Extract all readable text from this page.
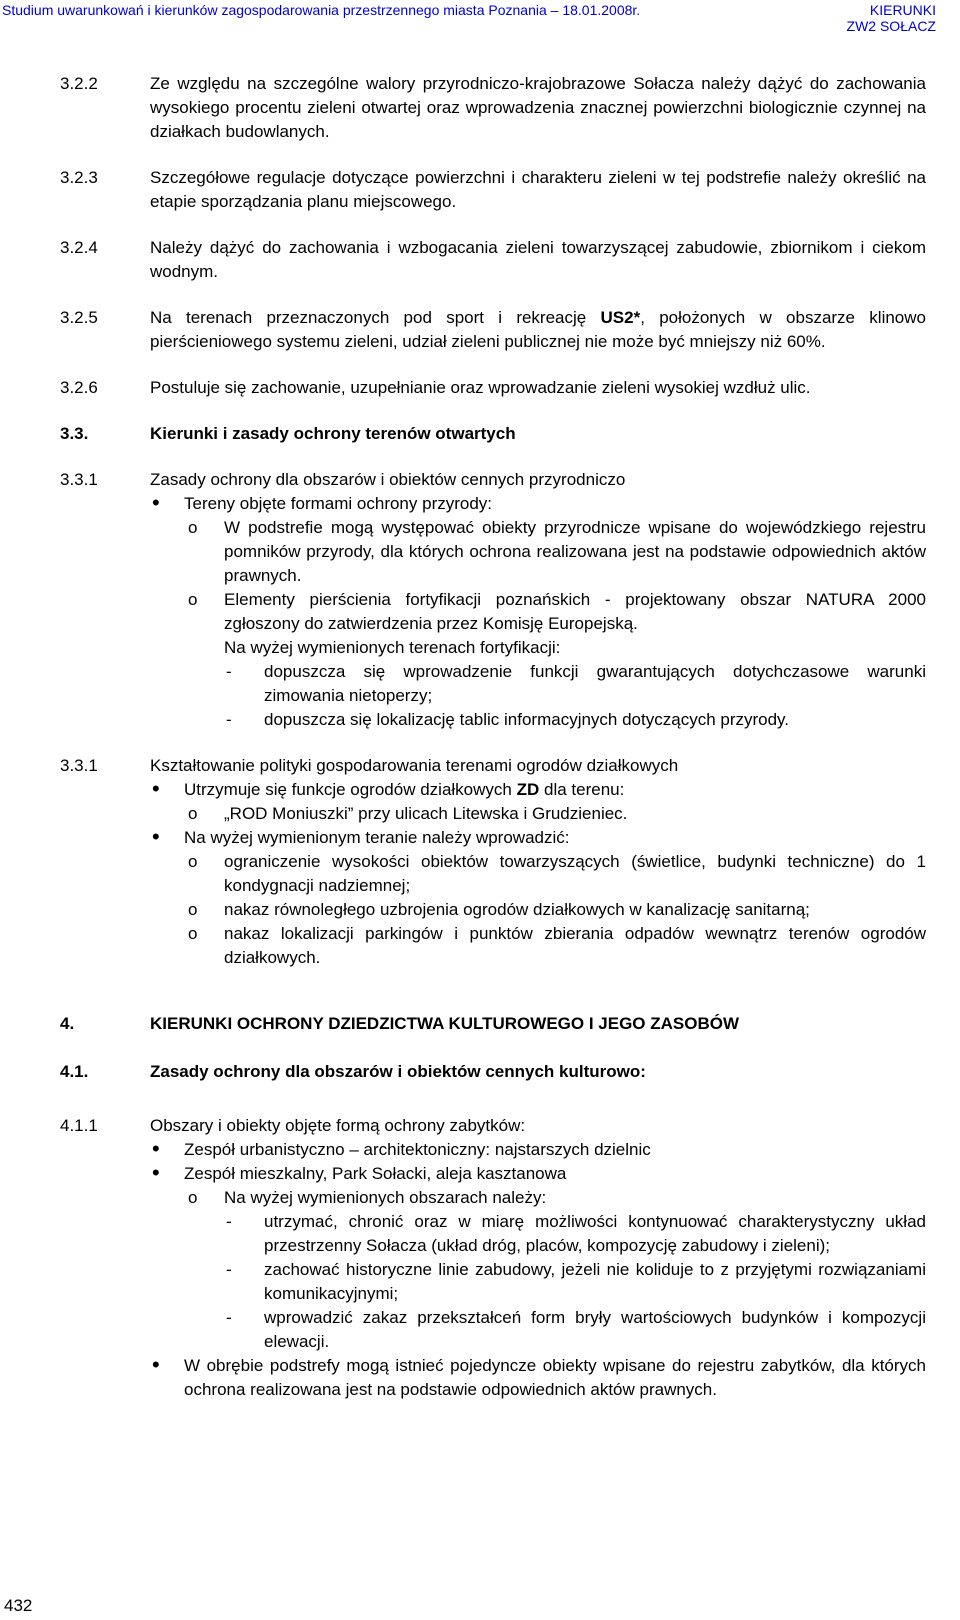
Studium uwarunkowań i kierunków zagospodarowania przestrzennego miasta Poznania – 18.01.2008r.	KIERUNKI
ZW2 SOŁACZ
3.2.2	Ze względu na szczególne walory przyrodniczo-krajobrazowe Sołacza należy dążyć do zachowania wysokiego procentu zieleni otwartej oraz wprowadzenia znacznej powierzchni biologicznie czynnej na działkach budowlanych.
3.2.3	Szczegółowe regulacje dotyczące powierzchni i charakteru zieleni w tej podstrefie należy określić na etapie sporządzania planu miejscowego.
3.2.4	Należy dążyć do zachowania i wzbogacania zieleni towarzyszącej zabudowie, zbiornikom i ciekom wodnym.
3.2.5	Na terenach przeznaczonych pod sport i rekreację US2*, położonych w obszarze klinowo pierścieniowego systemu zieleni, udział zieleni publicznej nie może być mniejszy niż 60%.
3.2.6	Postuluje się zachowanie, uzupełnianie oraz wprowadzanie zieleni wysokiej wzdłuż ulic.
3.3.	Kierunki i zasady ochrony terenów otwartych
3.3.1	Zasady ochrony dla obszarów i obiektów cennych przyrodniczo
• Tereny objęte formami ochrony przyrody:
o W podstrefie mogą występować obiekty przyrodnicze wpisane do wojewódzkiego rejestru pomników przyrody, dla których ochrona realizowana jest na podstawie odpowiednich aktów prawnych.
o Elementy pierścienia fortyfikacji poznańskich - projektowany obszar NATURA 2000 zgłoszony do zatwierdzenia przez Komisję Europejską.
Na wyżej wymienionych terenach fortyfikacji:
- dopuszcza się wprowadzenie funkcji gwarantujących dotychczasowe warunki zimowania nietoperzy;
- dopuszcza się lokalizację tablic informacyjnych dotyczących przyrody.
3.3.1	Kształtowanie polityki gospodarowania terenami ogrodów działkowych
• Utrzymuje się funkcje ogrodów działkowych ZD dla terenu:
o „ROD Moniuszki” przy ulicach Litewska i Grudzieniec.
• Na wyżej wymienionym teranie należy wprowadzić:
o ograniczenie wysokości obiektów towarzyszących (świetlice, budynki techniczne) do 1 kondygnacji nadziemnej;
o nakaz równoległego uzbrojenia ogrodów działkowych w kanalizację sanitarną;
o nakaz lokalizacji parkingów i punktów zbierania odpadów wewnątrz terenów ogrodów działkowych.
4.	KIERUNKI OCHRONY DZIEDZICTWA KULTUROWEGO I JEGO ZASOBÓW
4.1.	Zasady ochrony dla obszarów i obiektów cennych kulturowo:
4.1.1	Obszary i obiekty objęte formą ochrony zabytków:
• Zespół urbanistyczno – architektoniczny: najstarszych dzielnic
• Zespół mieszkalny, Park Sołacki, aleja kasztanowa
o Na wyżej wymienionych obszarach należy:
- utrzymać, chronić oraz w miarę możliwości kontynuować charakterystyczny układ przestrzenny Sołacza (układ dróg, placów, kompozycję zabudowy i zieleni);
- zachować historyczne linie zabudowy, jeżeli nie koliduje to z przyjętymi rozwiązaniami komunikacyjnymi;
- wprowadzić zakaz przekształceń form bryły wartościowych budynków i kompozycji elewacji.
• W obrębie podstrefy mogą istnieć pojedyncze obiekty wpisane do rejestru zabytków, dla których ochrona realizowana jest na podstawie odpowiednich aktów prawnych.
432
